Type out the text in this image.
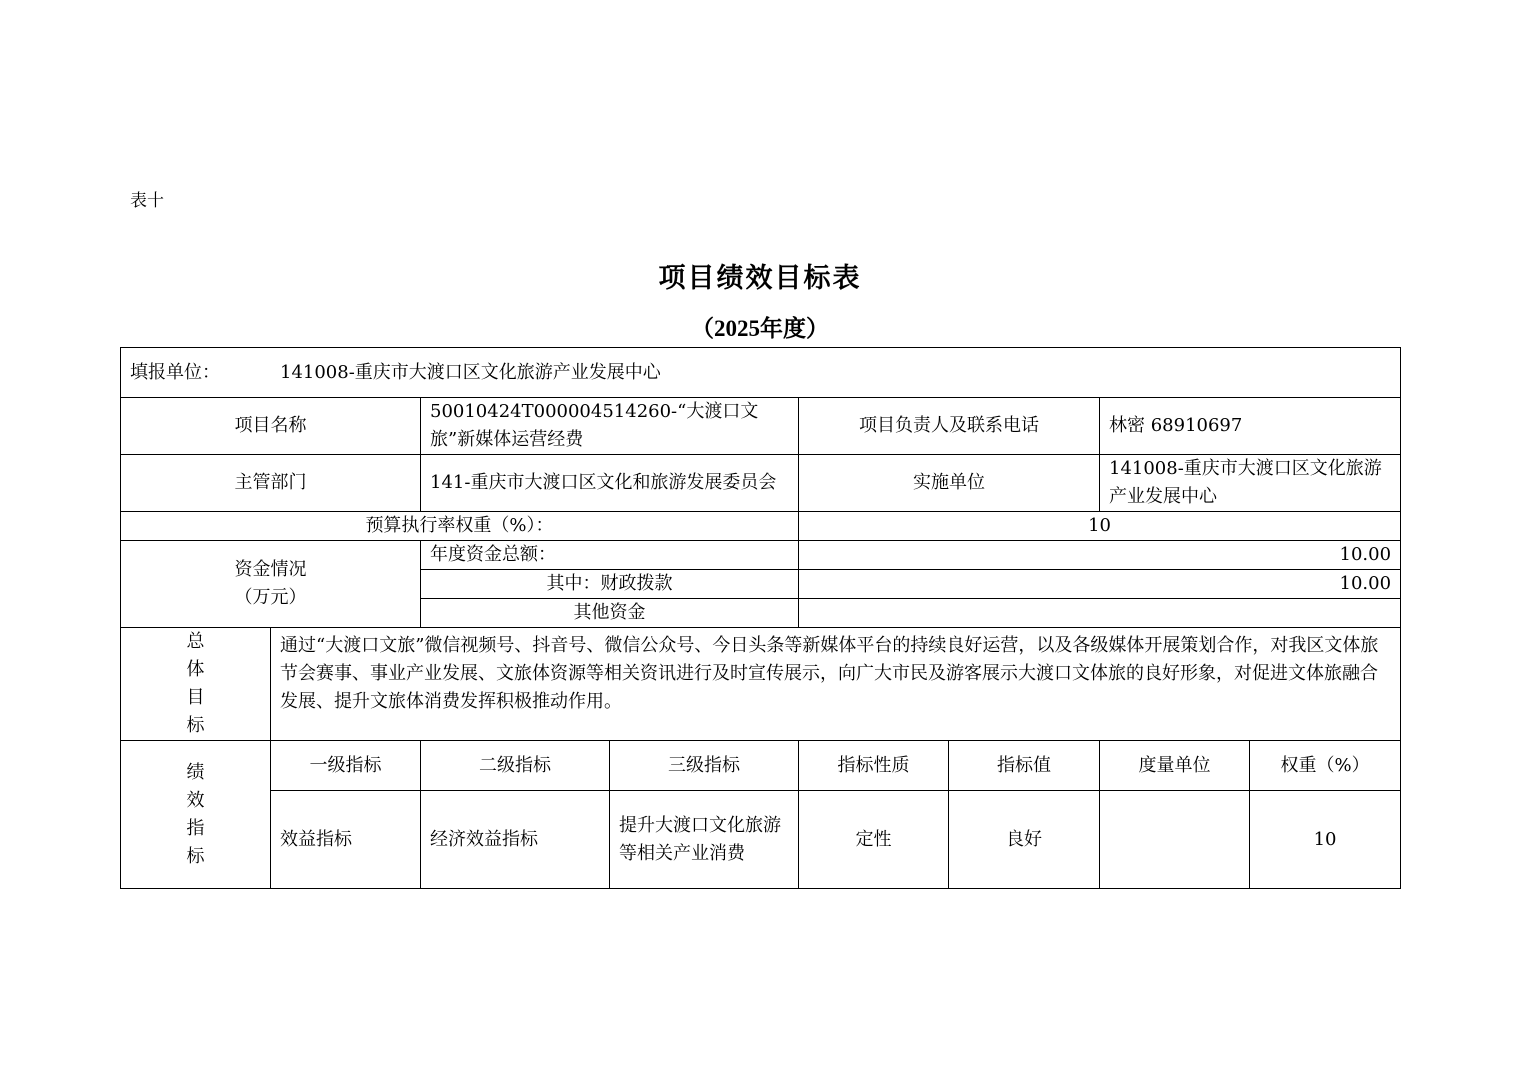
表十
项目绩效目标表
（2025年度）
填报单位： 141008-重庆市大渡口区文化旅游产业发展中心							
项目名称		50010424T000004514260-“大渡口文旅”新媒体运营经费		项目负责人及联系电话		林密 68910697	
主管部门		141-重庆市大渡口区文化和旅游发展委员会		实施单位		141008-重庆市大渡口区文化旅游产业发展中心	
预算执行率权重（%）：				10			

资金情况
（万元）		年度资金总额：		10.00			
		其中：财政拨款		10.00			
		其他资金					

总
体
目
标	通过“大渡口文旅”微信视频号、抖音号、微信公众号、今日头条等新媒体平台的持续良好运营，以及各级媒体开展策划合作，对我区文体旅节会赛事、事业产业发展、文旅体资源等相关资讯进行及时宣传展示，向广大市民及游客展示大渡口文体旅的良好形象，对促进文体旅融合发展、提升文旅体消费发挥积极推动作用。						

绩
效
指
标	一级指标	二级指标	三级指标	指标性质	指标值	度量单位	权重（%）
	效益指标	经济效益指标	提升大渡口文化旅游等相关产业消费	定性	良好		10
